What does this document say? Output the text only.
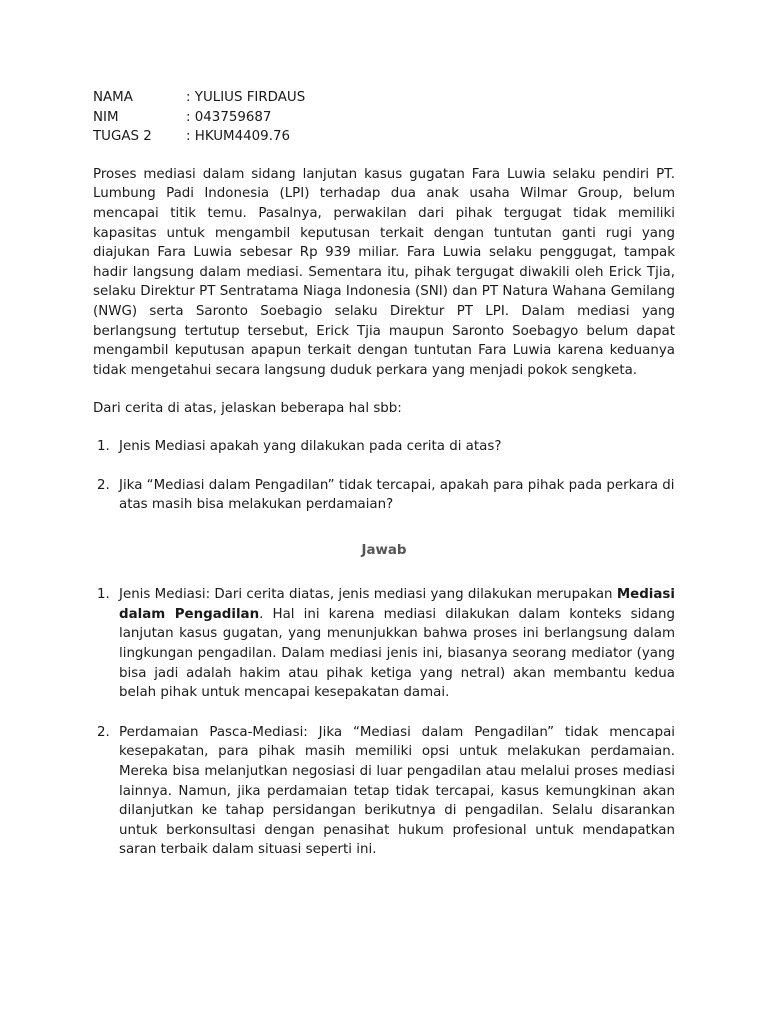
NAMA	: YULIUS FIRDAUS
NIM	: 043759687
TUGAS 2	: HKUM4409.76

Proses mediasi dalam sidang lanjutan kasus gugatan Fara Luwia selaku pendiri PT. Lumbung Padi Indonesia (LPI) terhadap dua anak usaha Wilmar Group, belum mencapai titik temu. Pasalnya, perwakilan dari pihak tergugat tidak memiliki kapasitas untuk mengambil keputusan terkait dengan tuntutan ganti rugi yang diajukan Fara Luwia sebesar Rp 939 miliar. Fara Luwia selaku penggugat, tampak hadir langsung dalam mediasi. Sementara itu, pihak tergugat diwakili oleh Erick Tjia, selaku Direktur PT Sentratama Niaga Indonesia (SNI) dan PT Natura Wahana Gemilang (NWG) serta Saronto Soebagio selaku Direktur PT LPI. Dalam mediasi yang berlangsung tertutup tersebut, Erick Tjia maupun Saronto Soebagyo belum dapat mengambil keputusan apapun terkait dengan tuntutan Fara Luwia karena keduanya tidak mengetahui secara langsung duduk perkara yang menjadi pokok sengketa.

Dari cerita di atas, jelaskan beberapa hal sbb:

1. Jenis Mediasi apakah yang dilakukan pada cerita di atas?
2. Jika “Mediasi dalam Pengadilan” tidak tercapai, apakah para pihak pada perkara di atas masih bisa melakukan perdamaian?
Jawab
1. Jenis Mediasi: Dari cerita diatas, jenis mediasi yang dilakukan merupakan Mediasi dalam Pengadilan. Hal ini karena mediasi dilakukan dalam konteks sidang lanjutan kasus gugatan, yang menunjukkan bahwa proses ini berlangsung dalam lingkungan pengadilan. Dalam mediasi jenis ini, biasanya seorang mediator (yang bisa jadi adalah hakim atau pihak ketiga yang netral) akan membantu kedua belah pihak untuk mencapai kesepakatan damai.
2. Perdamaian Pasca-Mediasi: Jika “Mediasi dalam Pengadilan” tidak mencapai kesepakatan, para pihak masih memiliki opsi untuk melakukan perdamaian. Mereka bisa melanjutkan negosiasi di luar pengadilan atau melalui proses mediasi lainnya. Namun, jika perdamaian tetap tidak tercapai, kasus kemungkinan akan dilanjutkan ke tahap persidangan berikutnya di pengadilan. Selalu disarankan untuk berkonsultasi dengan penasihat hukum profesional untuk mendapatkan saran terbaik dalam situasi seperti ini.
